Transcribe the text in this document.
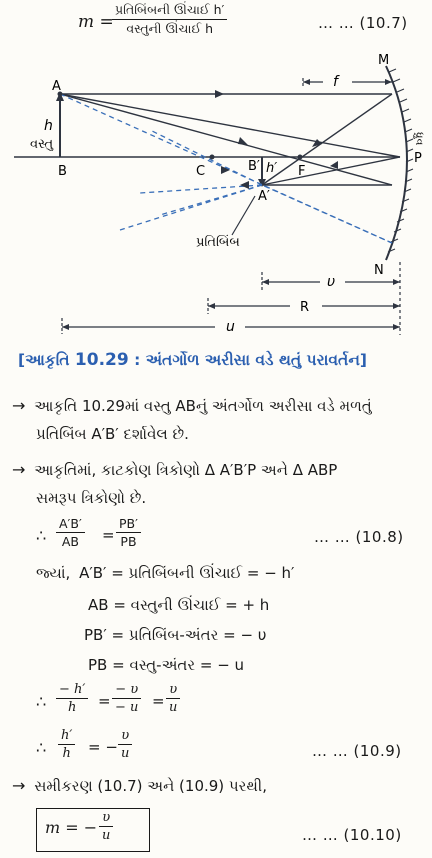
m =
પ્રતિબિંબની ઊંચાઈ h′
વસ્તુની ઊંચાઈ h	… … (10.7)
A
h
વસ્તુ
B	C	B′ h′ F
A′
પ્રતિબિંબ
M
N
P
ધ્રુવ
f
υ
R
u
[આકૃતિ 10.29 : અંતર્ગોળ અરીસા વડે થતું પરાવર્તન]
→ આકૃતિ 10.29માં વસ્તુ ABનું અંતર્ગોળ અરીસા વડે મળતું
પ્રતિબિંબ A′B′ દર્શાવેલ છે.
→ આકૃતિમાં, કાટકોણ ત્રિકોણો Δ A′B′P અને Δ ABP
સમરૂપ ત્રિકોણો છે.
∴ $\frac{A'B'}{AB} = \frac{PB'}{PB}$	… … (10.8)
જ્યાં, A′B′ = પ્રતિબિંબની ઊંચાઈ = − h′
AB = વસ્તુની ઊંચાઈ = + h
PB′ = પ્રતિબિંબ-અંતર = − υ
PB = વસ્તુ-અંતર = − u
∴ $\frac{- h'}{h} = \frac{- \upsilon}{- u} = \frac{\upsilon}{u}$
∴ $\frac{h'}{h}$ = − $\frac{\upsilon}{u}$	… … (10.9)
→ સમીકરણ (10.7) અને (10.9) પરથી,
m = − $\frac{\upsilon}{u}$	… … (10.10)
